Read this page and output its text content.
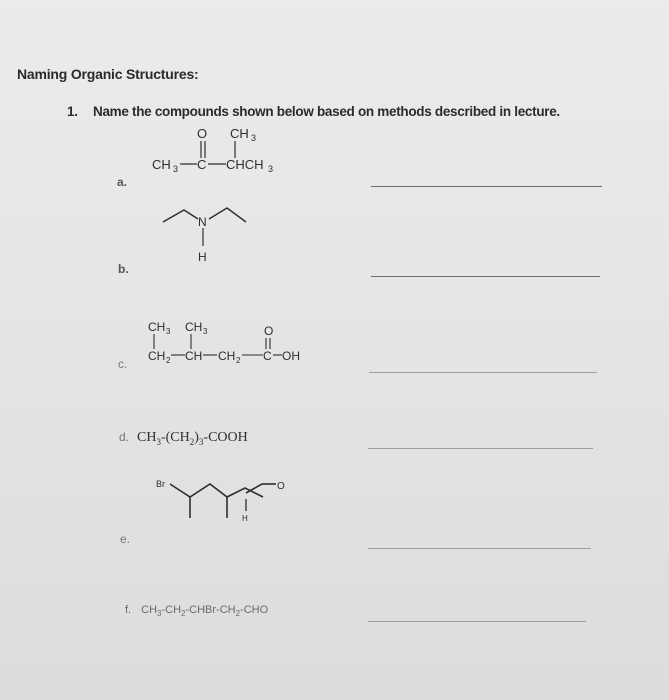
Naming Organic Structures:
1. Name the compounds shown below based on methods described in lecture.
a.
O CH 3
CH 3 C CHCH 3
N
H
b.
CH 3 CH 3	O
CH 2 CH CH 2 C OH
c.
d. $CH_3-(CH_2)_3$-COOH
Br	O
H
e.
f. $CH_3-CH_2-CHBr-CH_2$-CHO
